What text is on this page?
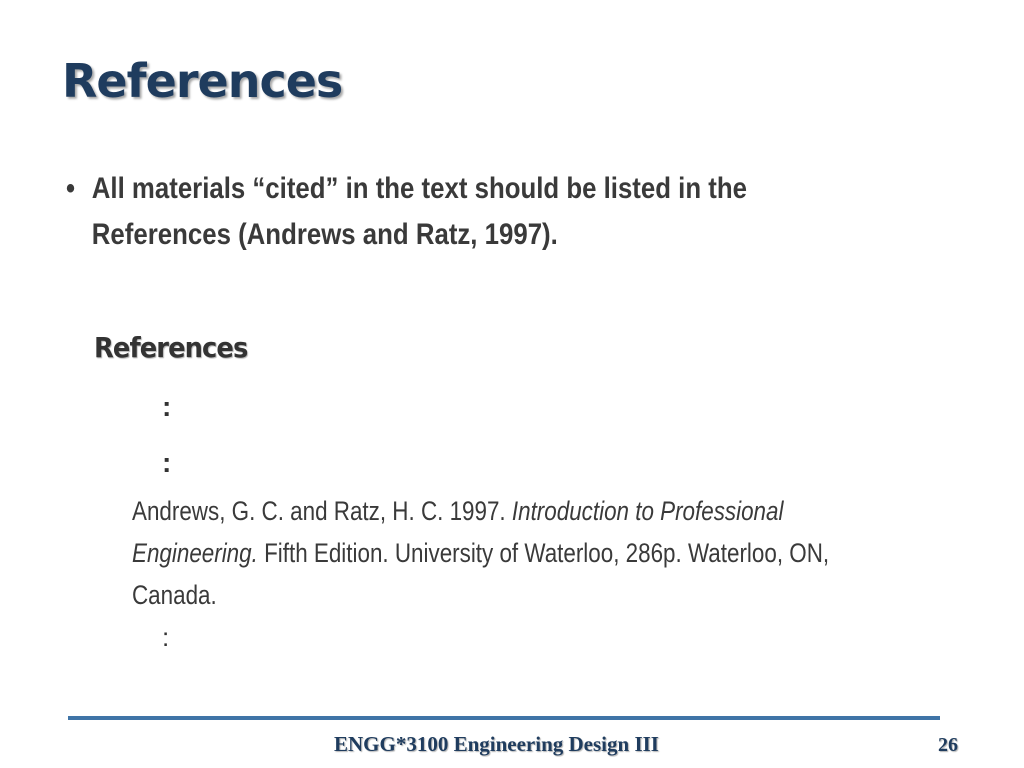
References
• All materials “cited” in the text should be listed in the References (Andrews and Ratz, 1997).
References
:
:
Andrews, G. C. and Ratz, H. C. 1997. Introduction to Professional Engineering. Fifth Edition. University of Waterloo, 286p. Waterloo, ON, Canada.
:
ENGG*3100 Engineering Design III	26
